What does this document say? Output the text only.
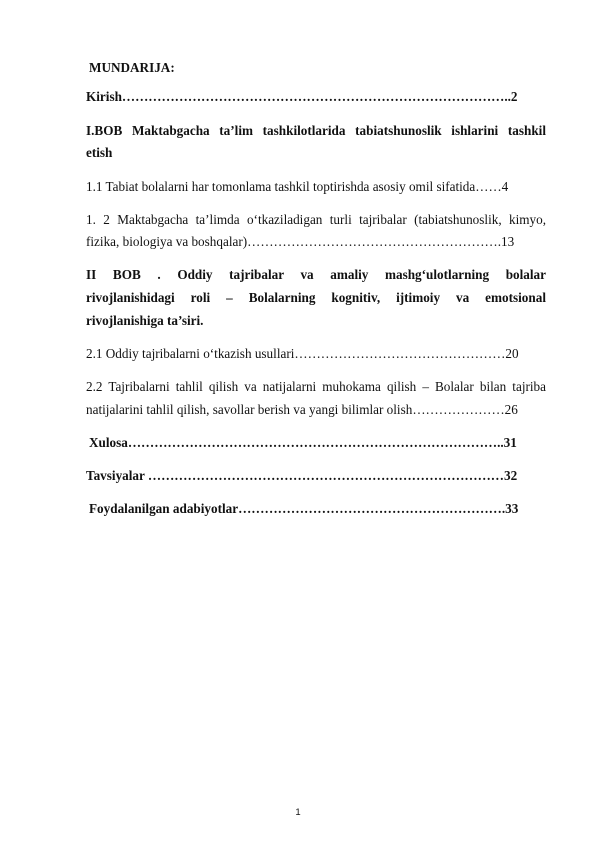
MUNDARIJA:
Kirish……………………………………………………………………………..2
I.BOB Maktabgacha ta’lim tashkilotlarida tabiatshunoslik ishlarini tashkil
etish
1.1 Tabiat bolalarni har tomonlama tashkil toptirishda asosiy omil sifatida……4
1. 2 Maktabgacha ta’limda o‘tkaziladigan turli tajribalar (tabiatshunoslik, kimyo,
fizika, biologiya va boshqalar)………………………………………………….13
II BOB . Oddiy tajribalar va amaliy mashg‘ulotlarning bolalar
rivojlanishidagi roli – Bolalarning kognitiv, ijtimoiy va emotsional
rivojlanishiga ta’siri.
2.1 Oddiy tajribalarni o‘tkazish usullari…………………………………………20
2.2 Tajribalarni tahlil qilish va natijalarni muhokama qilish – Bolalar bilan tajriba
natijalarini tahlil qilish, savollar berish va yangi bilimlar olish…………………26
Xulosa…………………………………………………………………………..31
Tavsiyalar ………………………………………………………………………32
Foydalanilgan adabiyotlar…………………………………………………….33
1
